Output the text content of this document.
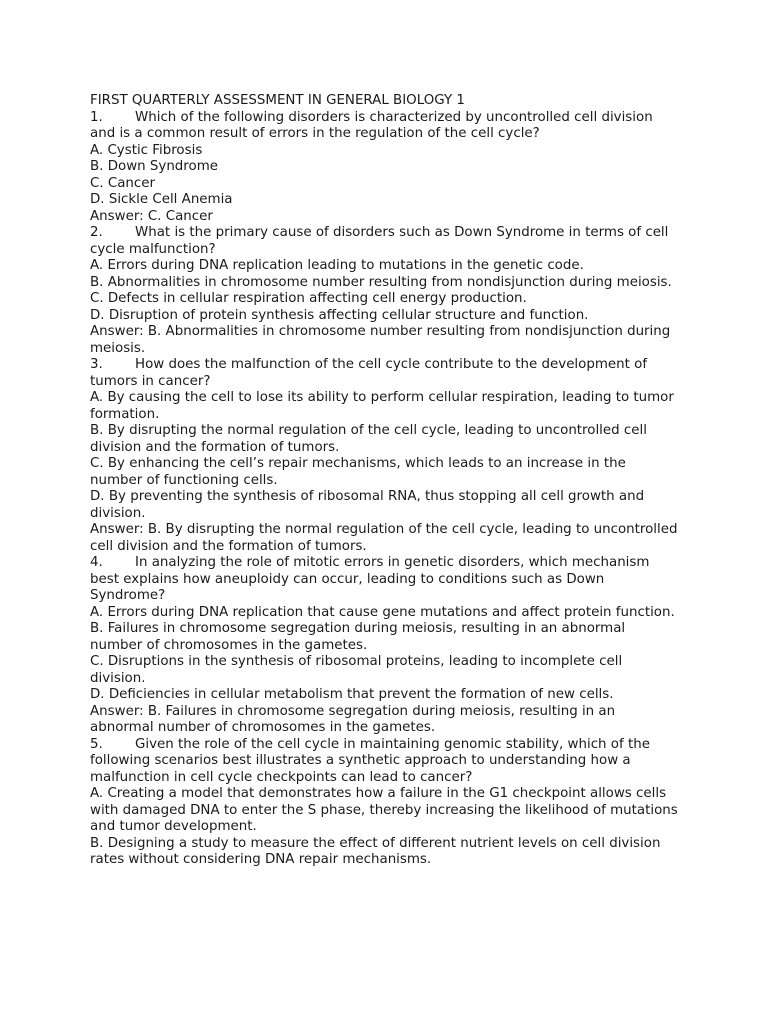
FIRST QUARTERLY ASSESSMENT IN GENERAL BIOLOGY 1

1. Which of the following disorders is characterized by uncontrolled cell division and is a common result of errors in the regulation of the cell cycle?

A. Cystic Fibrosis

B. Down Syndrome

C. Cancer

D. Sickle Cell Anemia

Answer: C. Cancer

2. What is the primary cause of disorders such as Down Syndrome in terms of cell cycle malfunction?

A. Errors during DNA replication leading to mutations in the genetic code.

B. Abnormalities in chromosome number resulting from nondisjunction during meiosis.

C. Defects in cellular respiration affecting cell energy production.

D. Disruption of protein synthesis affecting cellular structure and function.

Answer: B. Abnormalities in chromosome number resulting from nondisjunction during meiosis.

3. How does the malfunction of the cell cycle contribute to the development of tumors in cancer?

A. By causing the cell to lose its ability to perform cellular respiration, leading to tumor formation.

B. By disrupting the normal regulation of the cell cycle, leading to uncontrolled cell division and the formation of tumors.

C. By enhancing the cell’s repair mechanisms, which leads to an increase in the number of functioning cells.

D. By preventing the synthesis of ribosomal RNA, thus stopping all cell growth and division.

Answer: B. By disrupting the normal regulation of the cell cycle, leading to uncontrolled cell division and the formation of tumors.

4. In analyzing the role of mitotic errors in genetic disorders, which mechanism best explains how aneuploidy can occur, leading to conditions such as Down Syndrome?

A. Errors during DNA replication that cause gene mutations and affect protein function.

B. Failures in chromosome segregation during meiosis, resulting in an abnormal number of chromosomes in the gametes.

C. Disruptions in the synthesis of ribosomal proteins, leading to incomplete cell division.

D. Deficiencies in cellular metabolism that prevent the formation of new cells.

Answer: B. Failures in chromosome segregation during meiosis, resulting in an abnormal number of chromosomes in the gametes.

5. Given the role of the cell cycle in maintaining genomic stability, which of the following scenarios best illustrates a synthetic approach to understanding how a malfunction in cell cycle checkpoints can lead to cancer?

A. Creating a model that demonstrates how a failure in the G1 checkpoint allows cells with damaged DNA to enter the S phase, thereby increasing the likelihood of mutations and tumor development.

B. Designing a study to measure the effect of different nutrient levels on cell division rates without considering DNA repair mechanisms.
